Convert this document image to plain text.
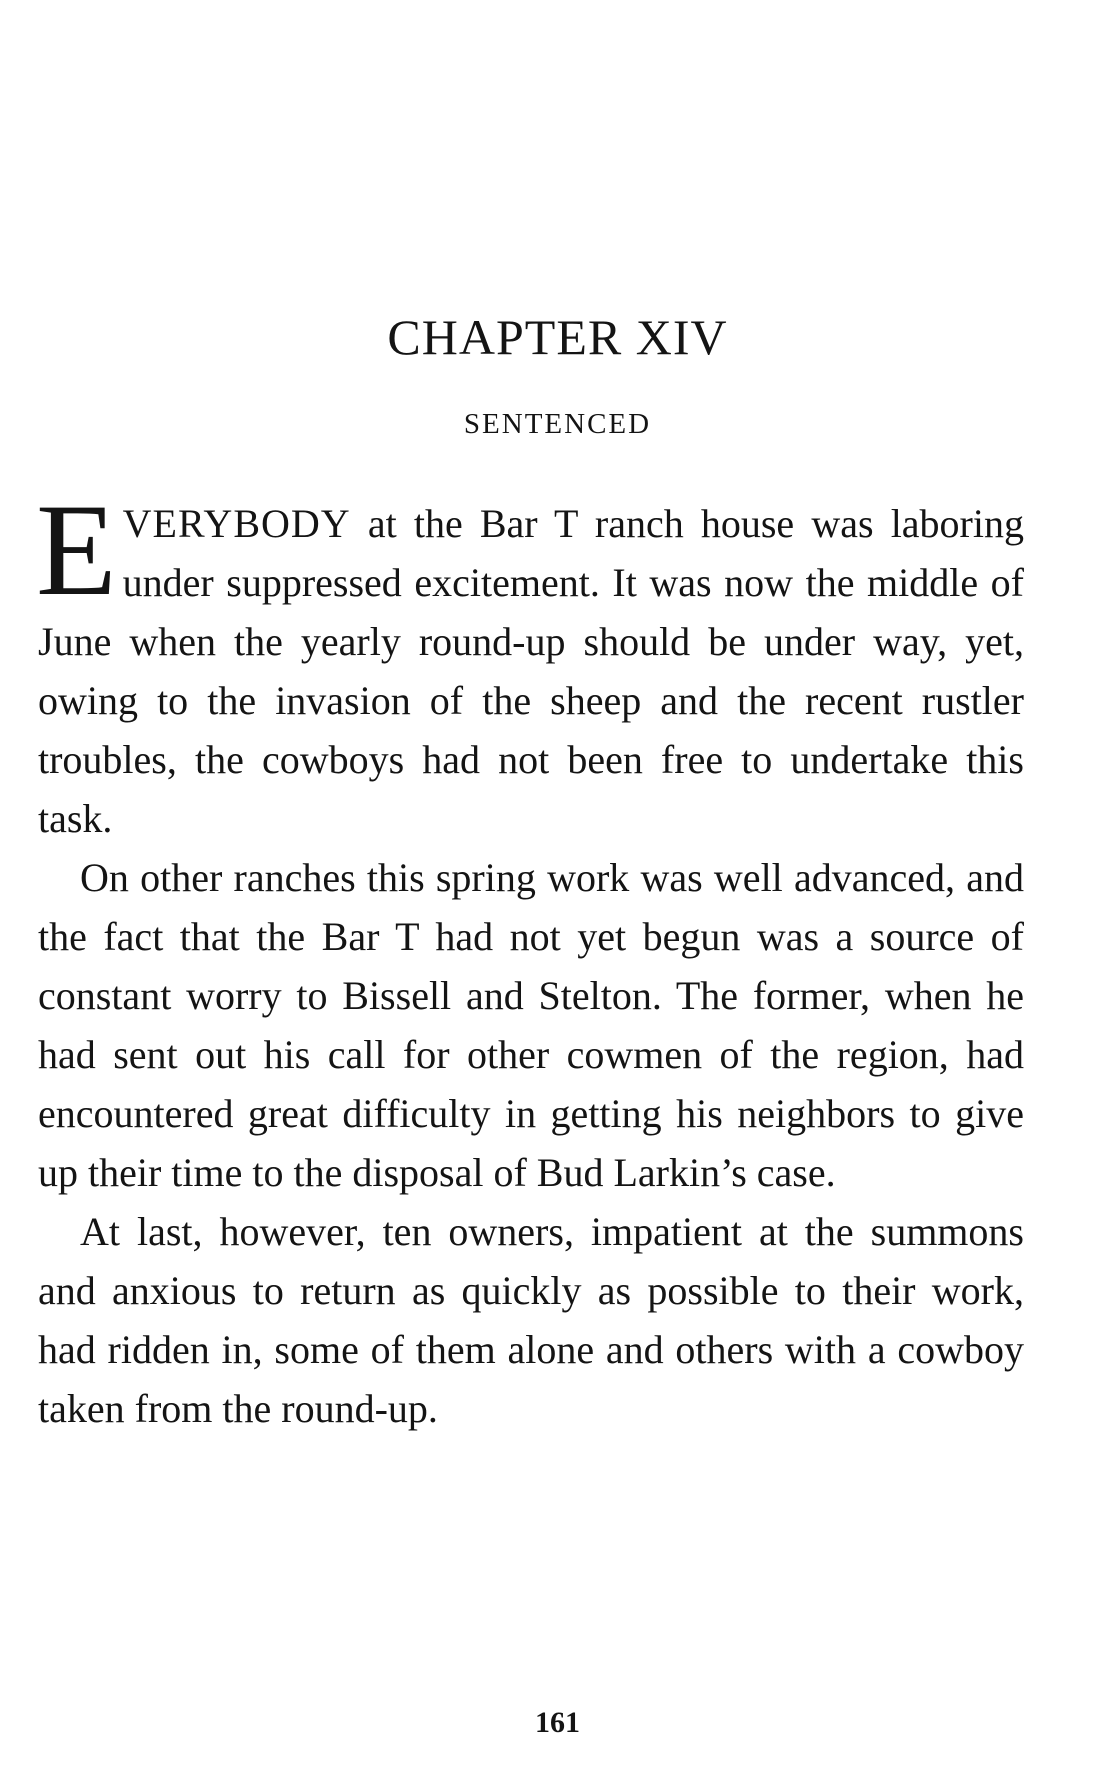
CHAPTER XIV
SENTENCED

EVERYBODY at the Bar T ranch house was laboring under suppressed excitement. It was now the middle of June when the yearly round-up should be under way, yet, owing to the invasion of the sheep and the recent rustler troubles, the cowboys had not been free to undertake this task.

On other ranches this spring work was well advanced, and the fact that the Bar T had not yet begun was a source of constant worry to Bissell and Stelton. The former, when he had sent out his call for other cowmen of the region, had encountered great difficulty in getting his neighbors to give up their time to the disposal of Bud Larkin’s case.

At last, however, ten owners, impatient at the summons and anxious to return as quickly as possible to their work, had ridden in, some of them alone and others with a cowboy taken from the round-up.

161
